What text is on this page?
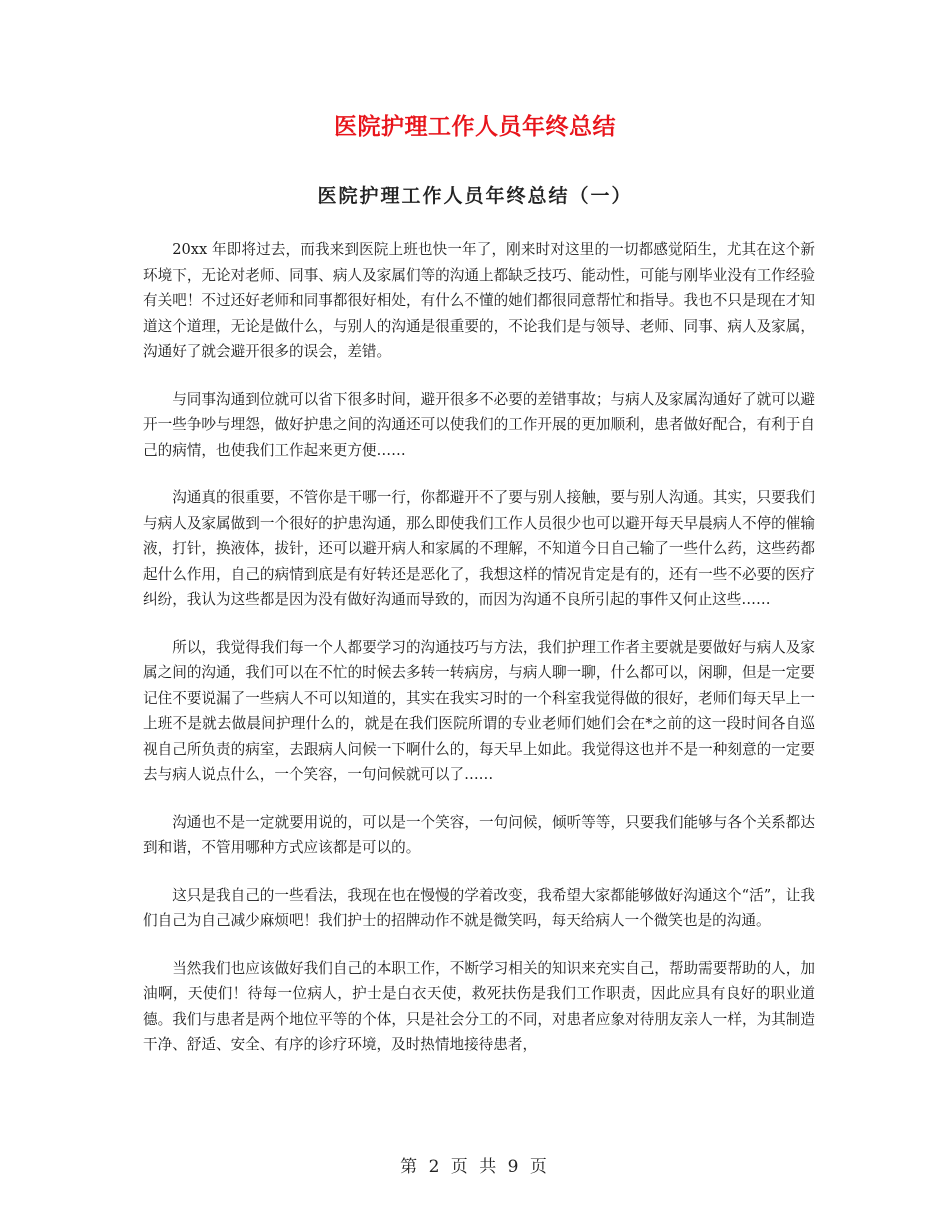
医院护理工作人员年终总结
医院护理工作人员年终总结（一）

20xx 年即将过去，而我来到医院上班也快一年了，刚来时对这里的一切都感觉陌生，尤其在这个新环境下，无论对老师、同事、病人及家属们等的沟通上都缺乏技巧、能动性，可能与刚毕业没有工作经验有关吧！不过还好老师和同事都很好相处，有什么不懂的她们都很同意帮忙和指导。我也不只是现在才知道这个道理，无论是做什么，与别人的沟通是很重要的，不论我们是与领导、老师、同事、病人及家属，沟通好了就会避开很多的误会，差错。

与同事沟通到位就可以省下很多时间，避开很多不必要的差错事故；与病人及家属沟通好了就可以避开一些争吵与埋怨，做好护患之间的沟通还可以使我们的工作开展的更加顺利，患者做好配合，有利于自己的病情，也使我们工作起来更方便……

沟通真的很重要，不管你是干哪一行，你都避开不了要与别人接触，要与别人沟通。其实，只要我们与病人及家属做到一个很好的护患沟通，那么即使我们工作人员很少也可以避开每天早晨病人不停的催输液，打针，换液体，拔针，还可以避开病人和家属的不理解，不知道今日自己输了一些什么药，这些药都起什么作用，自己的病情到底是有好转还是恶化了，我想这样的情况肯定是有的，还有一些不必要的医疗纠纷，我认为这些都是因为没有做好沟通而导致的，而因为沟通不良所引起的事件又何止这些……

所以，我觉得我们每一个人都要学习的沟通技巧与方法，我们护理工作者主要就是要做好与病人及家属之间的沟通，我们可以在不忙的时候去多转一转病房，与病人聊一聊，什么都可以，闲聊，但是一定要记住不要说漏了一些病人不可以知道的，其实在我实习时的一个科室我觉得做的很好，老师们每天早上一上班不是就去做晨间护理什么的，就是在我们医院所谓的专业老师们她们会在*之前的这一段时间各自巡视自己所负责的病室，去跟病人问候一下啊什么的，每天早上如此。我觉得这也并不是一种刻意的一定要去与病人说点什么，一个笑容，一句问候就可以了……

沟通也不是一定就要用说的，可以是一个笑容，一句问候，倾听等等，只要我们能够与各个关系都达到和谐，不管用哪种方式应该都是可以的。

这只是我自己的一些看法，我现在也在慢慢的学着改变，我希望大家都能够做好沟通这个“活”，让我们自己为自己减少麻烦吧！我们护士的招牌动作不就是微笑吗，每天给病人一个微笑也是的沟通。

当然我们也应该做好我们自己的本职工作，不断学习相关的知识来充实自己，帮助需要帮助的人，加油啊，天使们！待每一位病人，护士是白衣天使，救死扶伤是我们工作职责，因此应具有良好的职业道德。我们与患者是两个地位平等的个体，只是社会分工的不同，对患者应象对待朋友亲人一样，为其制造干净、舒适、安全、有序的诊疗环境，及时热情地接待患者，

第 2 页 共 9 页
